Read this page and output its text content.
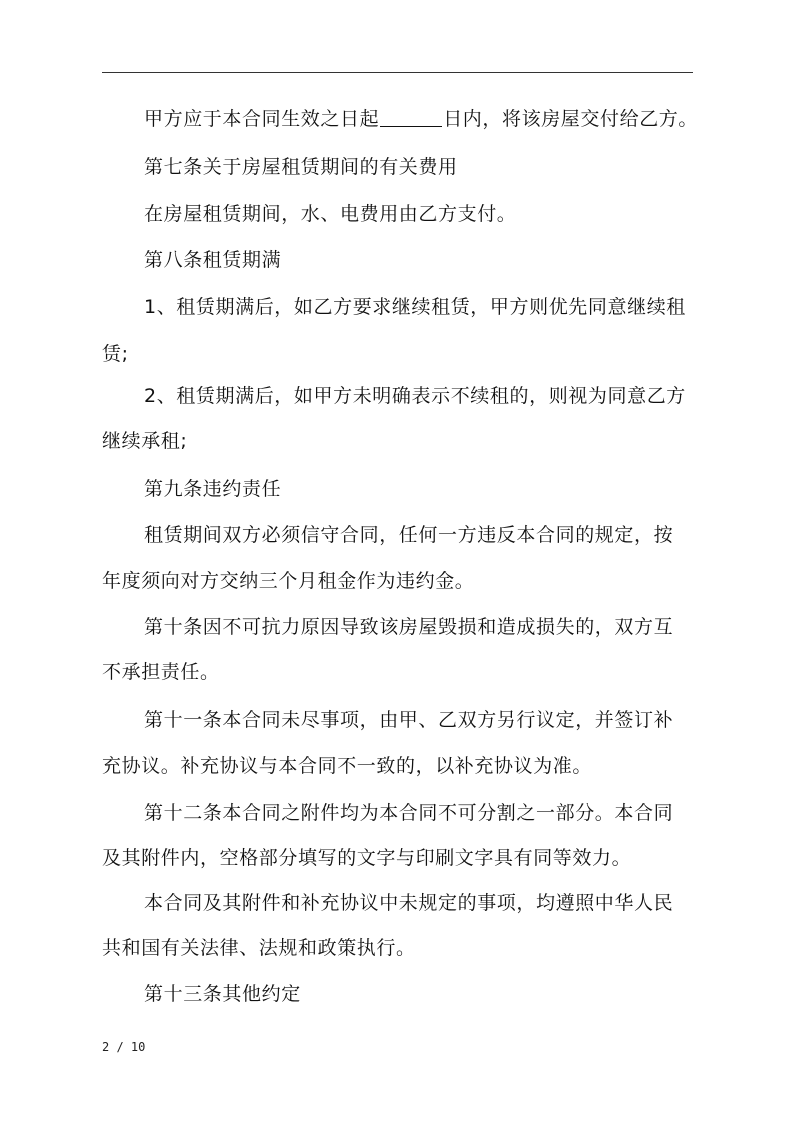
甲方应于本合同生效之日起	日内，将该房屋交付给乙方。
第七条关于房屋租赁期间的有关费用
在房屋租赁期间，水、电费用由乙方支付。
第八条租赁期满
1、租赁期满后，如乙方要求继续租赁，甲方则优先同意继续租
赁;
2、租赁期满后，如甲方未明确表示不续租的，则视为同意乙方
继续承租;
第九条违约责任
租赁期间双方必须信守合同，任何一方违反本合同的规定，按
年度须向对方交纳三个月租金作为违约金。
第十条因不可抗力原因导致该房屋毁损和造成损失的，双方互
不承担责任。
第十一条本合同未尽事项，由甲、乙双方另行议定，并签订补
充协议。补充协议与本合同不一致的，以补充协议为准。
第十二条本合同之附件均为本合同不可分割之一部分。本合同
及其附件内，空格部分填写的文字与印刷文字具有同等效力。
本合同及其附件和补充协议中未规定的事项，均遵照中华人民
共和国有关法律、法规和政策执行。
第十三条其他约定
2 / 10
